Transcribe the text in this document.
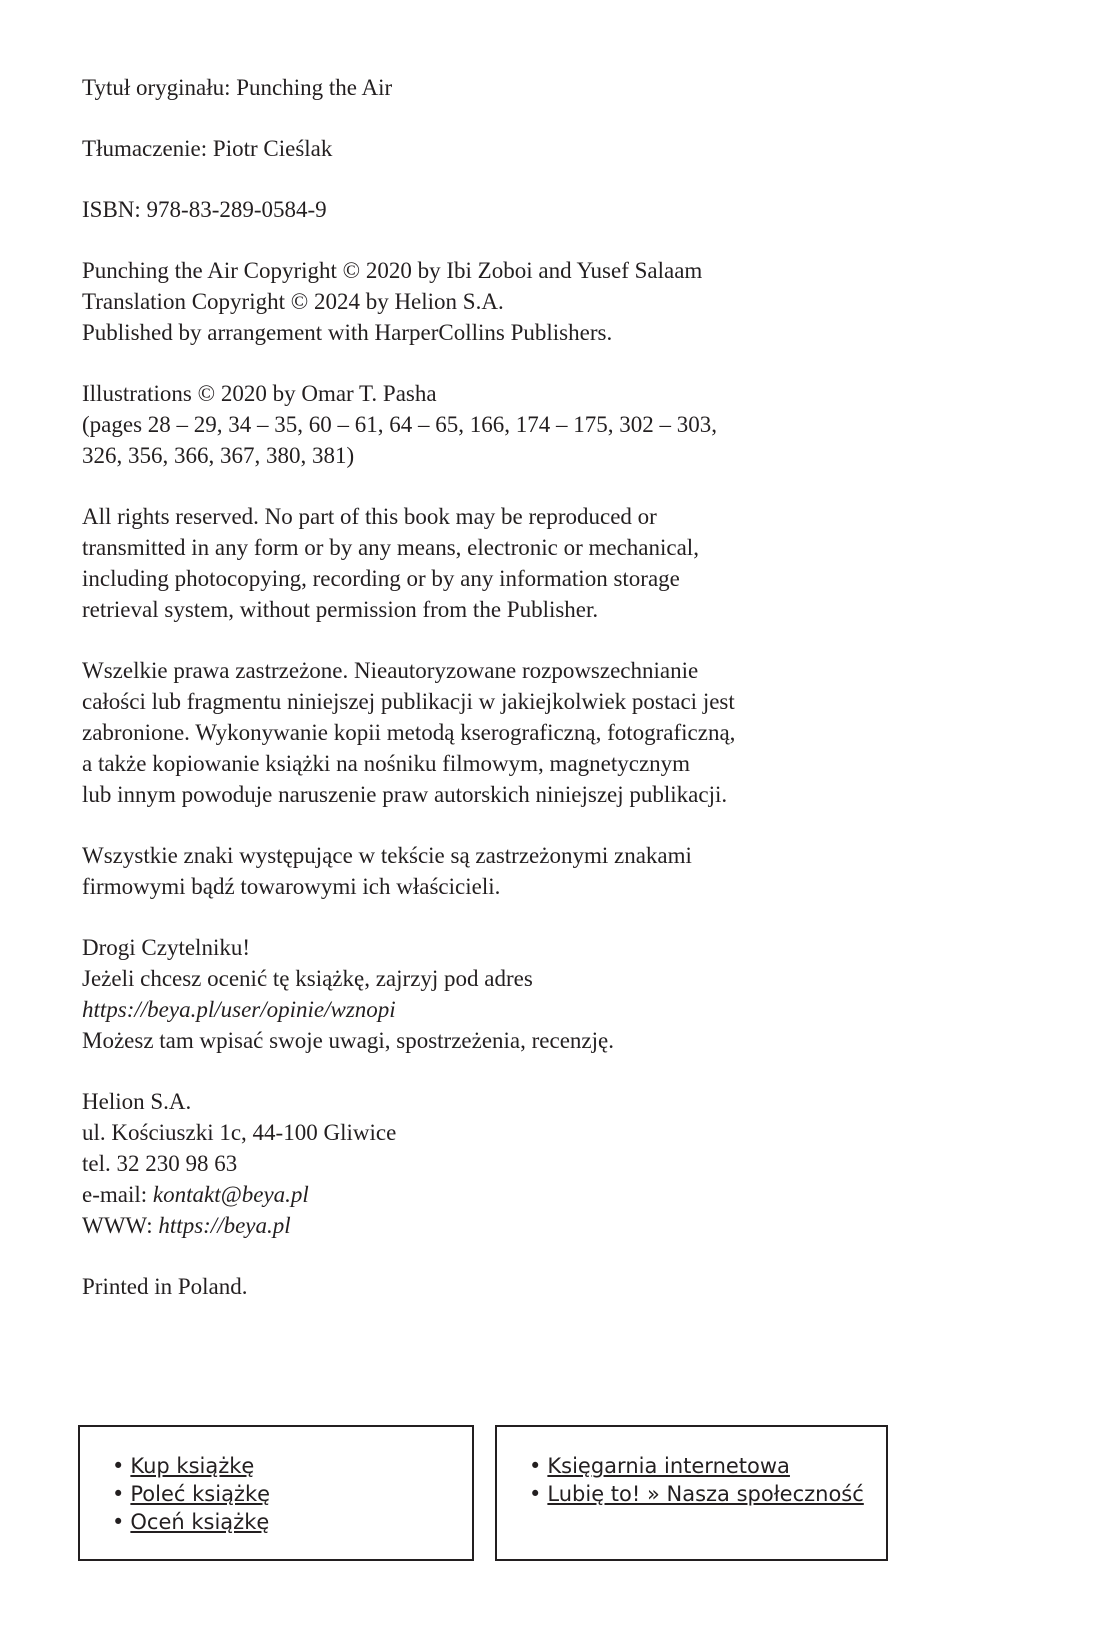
Tytuł oryginału: Punching the Air
Tłumaczenie: Piotr Cieślak
ISBN: 978-83-289-0584-9
Punching the Air Copyright © 2020 by Ibi Zoboi and Yusef Salaam
Translation Copyright © 2024 by Helion S.A.
Published by arrangement with HarperCollins Publishers.
Illustrations © 2020 by Omar T. Pasha
(pages 28 – 29, 34 – 35, 60 – 61, 64 – 65, 166, 174 – 175, 302 – 303,
326, 356, 366, 367, 380, 381)
All rights reserved. No part of this book may be reproduced or
transmitted in any form or by any means, electronic or mechanical,
including photocopying, recording or by any information storage
retrieval system, without permission from the Publisher.
Wszelkie prawa zastrzeżone. Nieautoryzowane rozpowszechnianie
całości lub fragmentu niniejszej publikacji w jakiejkolwiek postaci jest
zabronione. Wykonywanie kopii metodą kserograficzną, fotograficzną,
a także kopiowanie książki na nośniku filmowym, magnetycznym
lub innym powoduje naruszenie praw autorskich niniejszej publikacji.
Wszystkie znaki występujące w tekście są zastrzeżonymi znakami
firmowymi bądź towarowymi ich właścicieli.
Drogi Czytelniku!
Jeżeli chcesz ocenić tę książkę, zajrzyj pod adres
https://beya.pl/user/opinie/wznopi
Możesz tam wpisać swoje uwagi, spostrzeżenia, recenzję.
Helion S.A.
ul. Kościuszki 1c, 44-100 Gliwice
tel. 32 230 98 63
e-mail: kontakt@beya.pl
WWW: https://beya.pl
Printed in Poland.
• Kup książkę
• Poleć książkę
• Oceń książkę
• Księgarnia internetowa
• Lubię to! » Nasza społeczność
